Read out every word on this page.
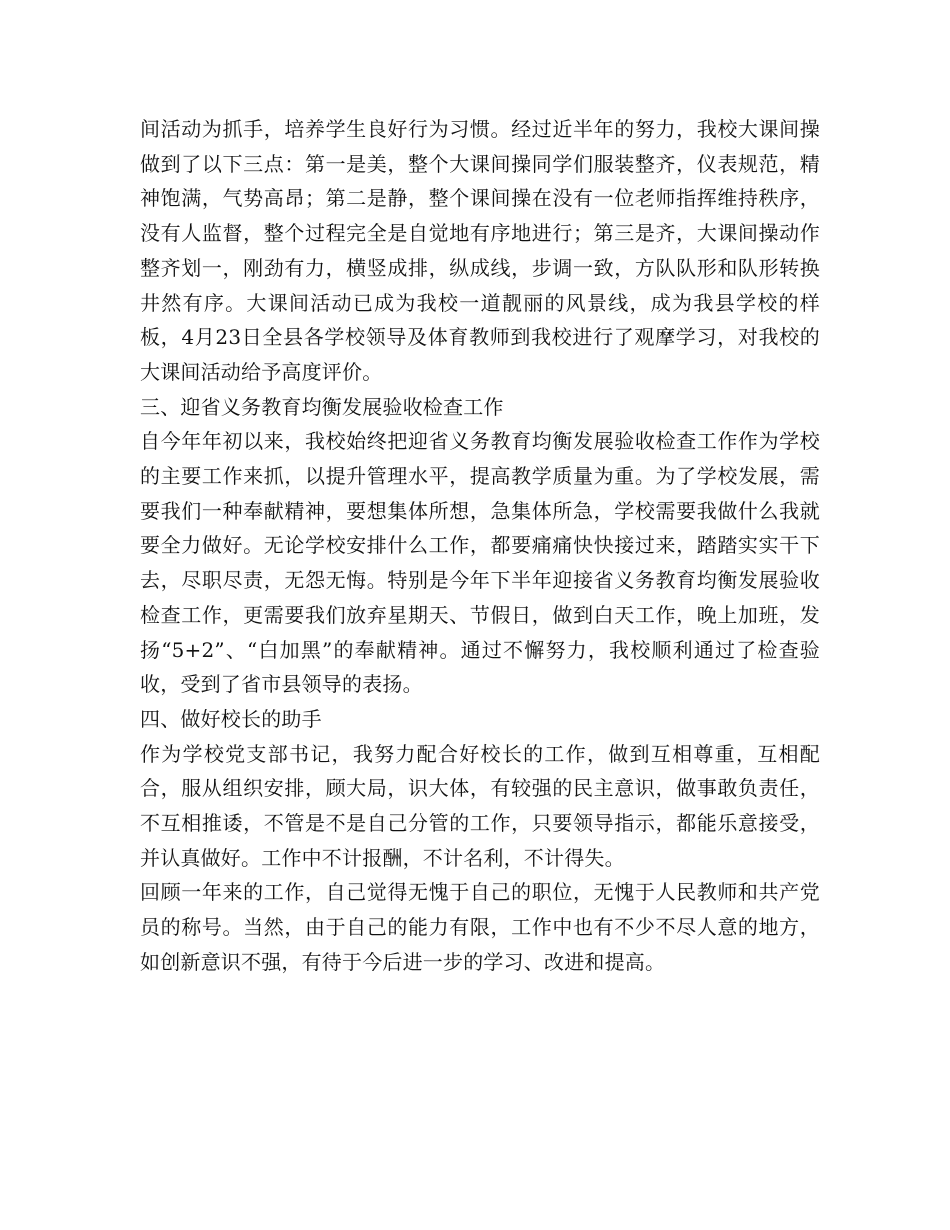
间活动为抓手，培养学生良好行为习惯。经过近半年的努力，我校大课间操做到了以下三点：第一是美，整个大课间操同学们服装整齐，仪表规范，精神饱满，气势高昂；第二是静，整个课间操在没有一位老师指挥维持秩序，没有人监督，整个过程完全是自觉地有序地进行；第三是齐，大课间操动作整齐划一，刚劲有力，横竖成排，纵成线，步调一致，方队队形和队形转换井然有序。大课间活动已成为我校一道靓丽的风景线，成为我县学校的样板，4月23日全县各学校领导及体育教师到我校进行了观摩学习，对我校的大课间活动给予高度评价。

三、迎省义务教育均衡发展验收检查工作

自今年年初以来，我校始终把迎省义务教育均衡发展验收检查工作作为学校的主要工作来抓，以提升管理水平，提高教学质量为重。为了学校发展，需要我们一种奉献精神，要想集体所想，急集体所急，学校需要我做什么我就要全力做好。无论学校安排什么工作，都要痛痛快快接过来，踏踏实实干下去，尽职尽责，无怨无悔。特别是今年下半年迎接省义务教育均衡发展验收检查工作，更需要我们放弃星期天、节假日，做到白天工作，晚上加班，发扬“5+2”、“白加黑”的奉献精神。通过不懈努力，我校顺利通过了检查验收，受到了省市县领导的表扬。

四、做好校长的助手

作为学校党支部书记，我努力配合好校长的工作，做到互相尊重，互相配合，服从组织安排，顾大局，识大体，有较强的民主意识，做事敢负责任，不互相推诿，不管是不是自己分管的工作，只要领导指示，都能乐意接受，并认真做好。工作中不计报酬，不计名利，不计得失。

回顾一年来的工作，自己觉得无愧于自己的职位，无愧于人民教师和共产党员的称号。当然，由于自己的能力有限，工作中也有不少不尽人意的地方，如创新意识不强，有待于今后进一步的学习、改进和提高。
